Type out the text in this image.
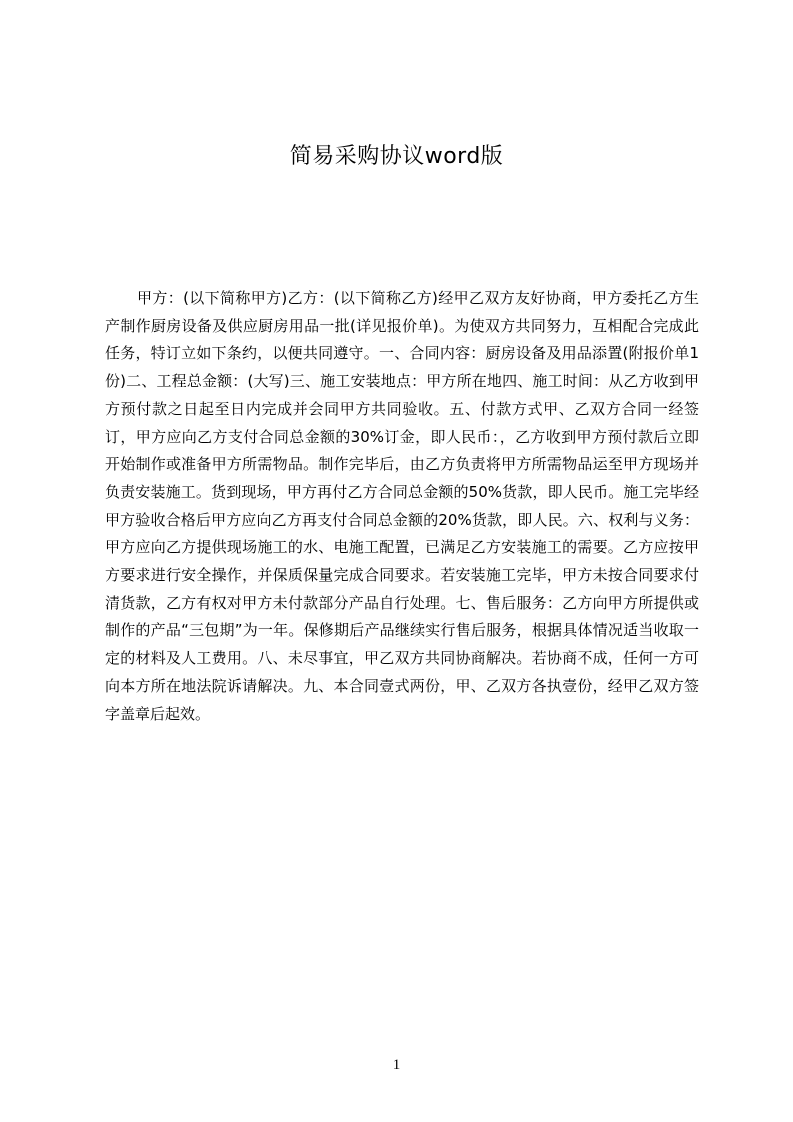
简易采购协议word版

甲方：(以下简称甲方)乙方：(以下简称乙方)经甲乙双方友好协商，甲方委托乙方生产制作厨房设备及供应厨房用品一批(详见报价单)。为使双方共同努力，互相配合完成此任务，特订立如下条约，以便共同遵守。一、合同内容：厨房设备及用品添置(附报价单1份)二、工程总金额：(大写)三、施工安装地点：甲方所在地四、施工时间：从乙方收到甲方预付款之日起至日内完成并会同甲方共同验收。五、付款方式甲、乙双方合同一经签订，甲方应向乙方支付合同总金额的30%订金，即人民币：，乙方收到甲方预付款后立即开始制作或准备甲方所需物品。制作完毕后，由乙方负责将甲方所需物品运至甲方现场并负责安装施工。货到现场，甲方再付乙方合同总金额的50%货款，即人民币。施工完毕经甲方验收合格后甲方应向乙方再支付合同总金额的20%货款，即人民。六、权利与义务：甲方应向乙方提供现场施工的水、电施工配置，已满足乙方安装施工的需要。乙方应按甲方要求进行安全操作，并保质保量完成合同要求。若安装施工完毕，甲方未按合同要求付清货款，乙方有权对甲方未付款部分产品自行处理。七、售后服务：乙方向甲方所提供或制作的产品“三包期”为一年。保修期后产品继续实行售后服务，根据具体情况适当收取一定的材料及人工费用。八、未尽事宜，甲乙双方共同协商解决。若协商不成，任何一方可向本方所在地法院诉请解决。九、本合同壹式两份，甲、乙双方各执壹份，经甲乙双方签字盖章后起效。

1
